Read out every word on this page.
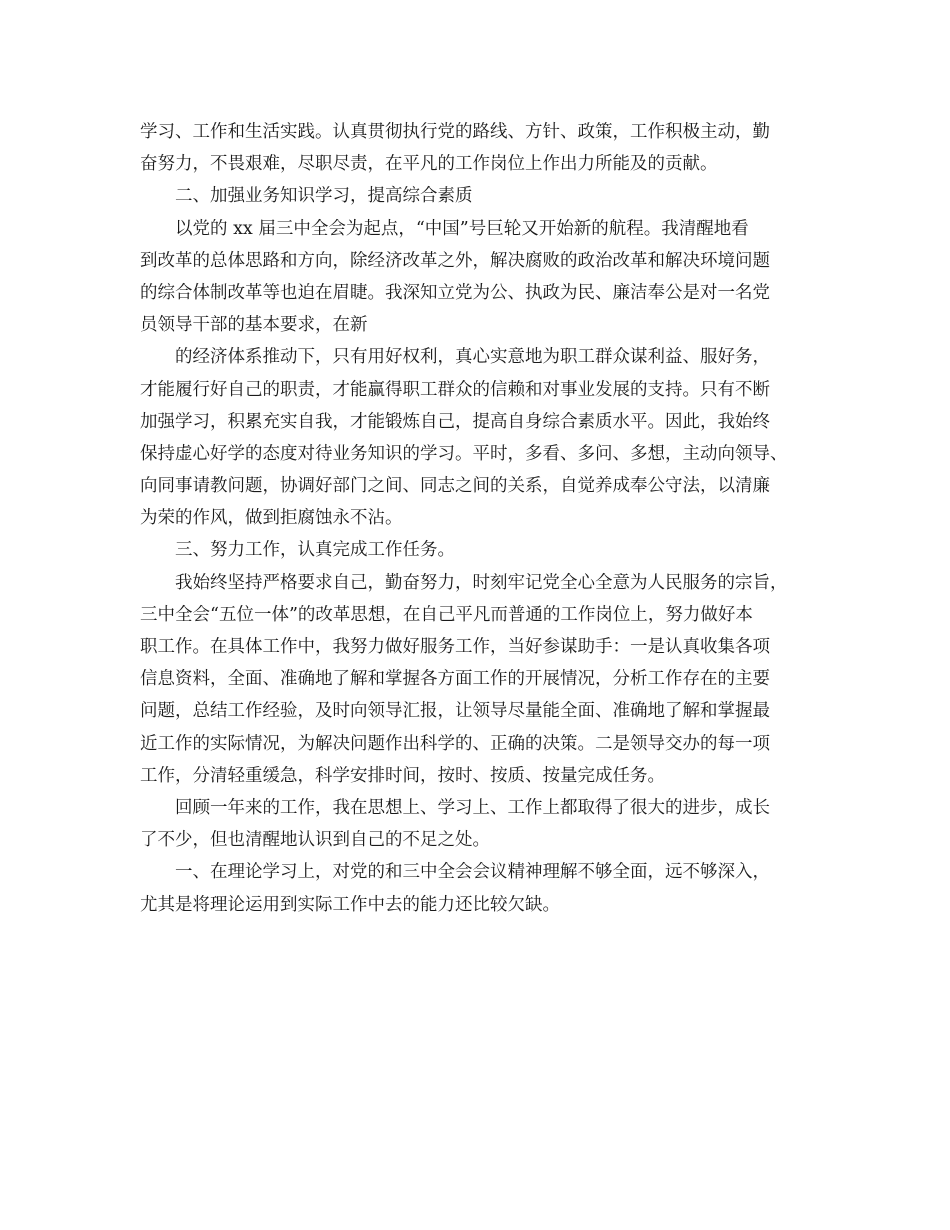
学习、工作和生活实践。认真贯彻执行党的路线、方针、政策，工作积极主动，勤
奋努力，不畏艰难，尽职尽责，在平凡的工作岗位上作出力所能及的贡献。
二、加强业务知识学习，提高综合素质
以党的 xx 届三中全会为起点，“中国”号巨轮又开始新的航程。我清醒地看
到改革的总体思路和方向，除经济改革之外，解决腐败的政治改革和解决环境问题
的综合体制改革等也迫在眉睫。我深知立党为公、执政为民、廉洁奉公是对一名党
员领导干部的基本要求，在新
的经济体系推动下，只有用好权利，真心实意地为职工群众谋利益、服好务，
才能履行好自己的职责，才能赢得职工群众的信赖和对事业发展的支持。只有不断
加强学习，积累充实自我，才能锻炼自己，提高自身综合素质水平。因此，我始终
保持虚心好学的态度对待业务知识的学习。平时，多看、多问、多想，主动向领导、
向同事请教问题，协调好部门之间、同志之间的关系，自觉养成奉公守法，以清廉
为荣的作风，做到拒腐蚀永不沾。
三、努力工作，认真完成工作任务。
我始终坚持严格要求自己，勤奋努力，时刻牢记党全心全意为人民服务的宗旨，
三中全会“五位一体”的改革思想，在自己平凡而普通的工作岗位上，努力做好本
职工作。在具体工作中，我努力做好服务工作，当好参谋助手：一是认真收集各项
信息资料，全面、准确地了解和掌握各方面工作的开展情况，分析工作存在的主要
问题，总结工作经验，及时向领导汇报，让领导尽量能全面、准确地了解和掌握最
近工作的实际情况，为解决问题作出科学的、正确的决策。二是领导交办的每一项
工作，分清轻重缓急，科学安排时间，按时、按质、按量完成任务。
回顾一年来的工作，我在思想上、学习上、工作上都取得了很大的进步，成长
了不少，但也清醒地认识到自己的不足之处。
一、在理论学习上，对党的和三中全会会议精神理解不够全面，远不够深入，
尤其是将理论运用到实际工作中去的能力还比较欠缺。
